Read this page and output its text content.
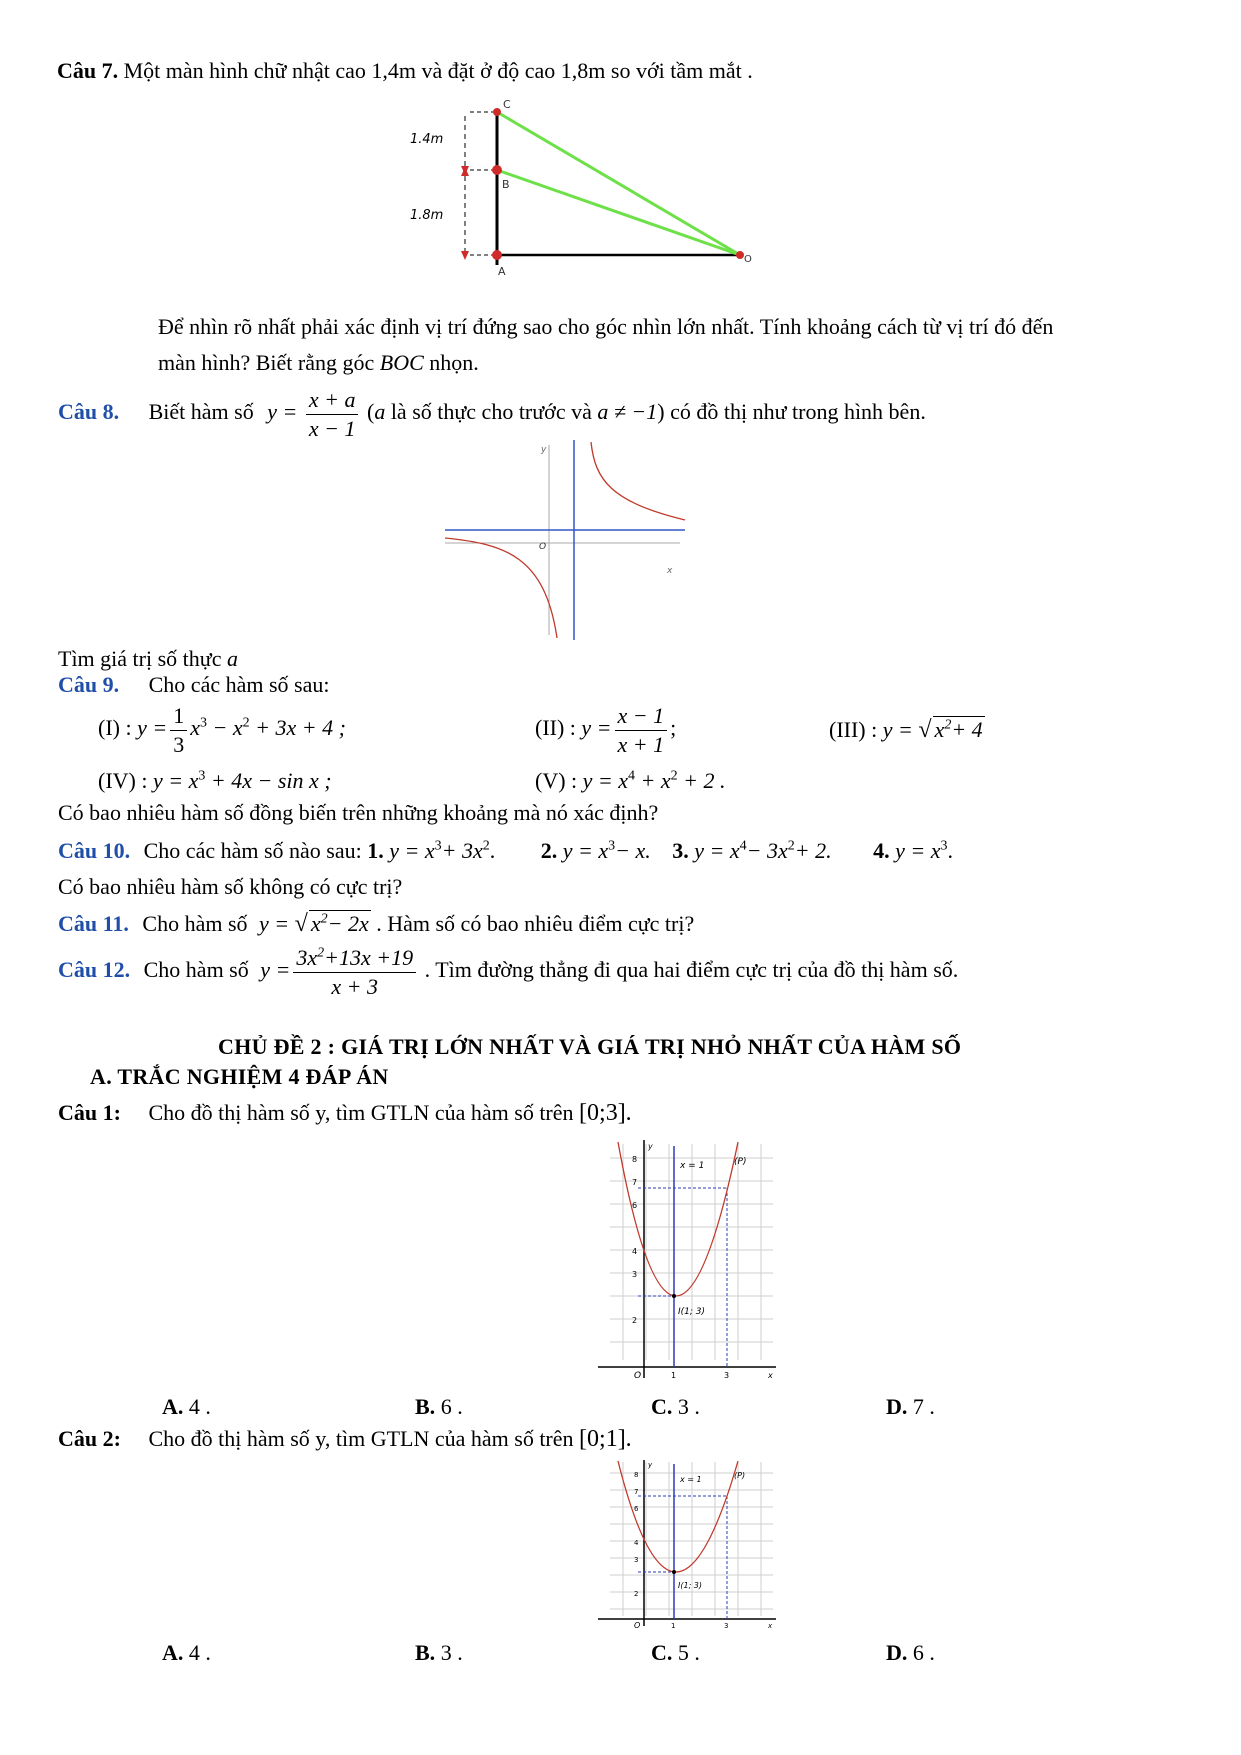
Câu 7. Một màn hình chữ nhật cao 1,4m và đặt ở độ cao 1,8m so với tầm mắt .
C
B
A
O
1.4m
1.8m
Để nhìn rõ nhất phải xác định vị trí đứng sao cho góc nhìn lớn nhất. Tính khoảng cách từ vị trí đó đến
màn hình? Biết rằng góc BOC nhọn.
Câu 8. Biết hàm số $y = \frac{x + a}{x - 1} (a$ là số thực cho trước và a ≠ −1) có đồ thị như trong hình bên.
y
O
x
Tìm giá trị số thực a
Câu 9. Cho các hàm số sau:
(I) : $y = \frac{1}{3} x^3 - x^2 + 3x + 4$ ;	(II) : $y = \frac{x - 1}{x + 1}$ ;	(III) : y = √ $x^2+ 4$
(IV) : $y = x^3 + 4x - \sin x$ ;	(V) : $y = x^4 + x^2 + 2$ .
Có bao nhiêu hàm số đồng biến trên những khoảng mà nó xác định?
Câu 10. Cho các hàm số nào sau: 1. $y = x^3+ 3x^2$. 2. $y = x^3- x$. 3. $y = x^4- 3x^2+ 2$. 4. $y = x^3$.
Có bao nhiêu hàm số không có cực trị?
Câu 11. Cho hàm số y = √ $x^2- 2x$ . Hàm số có bao nhiêu điểm cực trị?
Câu 12. Cho hàm số $y = \frac{3x^2+13x +19}{x + 3}$ . Tìm đường thẳng đi qua hai điểm cực trị của đồ thị hàm số.
CHỦ ĐỀ 2 : GIÁ TRỊ LỚN NHẤT VÀ GIÁ TRỊ NHỎ NHẤT CỦA HÀM SỐ
A. TRẮC NGHIỆM 4 ĐÁP ÁN
Câu 1: Cho đồ thị hàm số y, tìm GTLN của hàm số trên [0;3].
x = 1	(P)
I(1; 3)
y
8
7
6
4
3
2
O	1	3	x
A. 4 .	B. 6 .	C. 3 .	D. 7 .
Câu 2: Cho đồ thị hàm số y, tìm GTLN của hàm số trên [0;1].
x = 1	(P)
I(1; 3)
y
8
7
6
4
3
2
O	1	3	x
A. 4 .	B. 3 .	C. 5 .	D. 6 .
